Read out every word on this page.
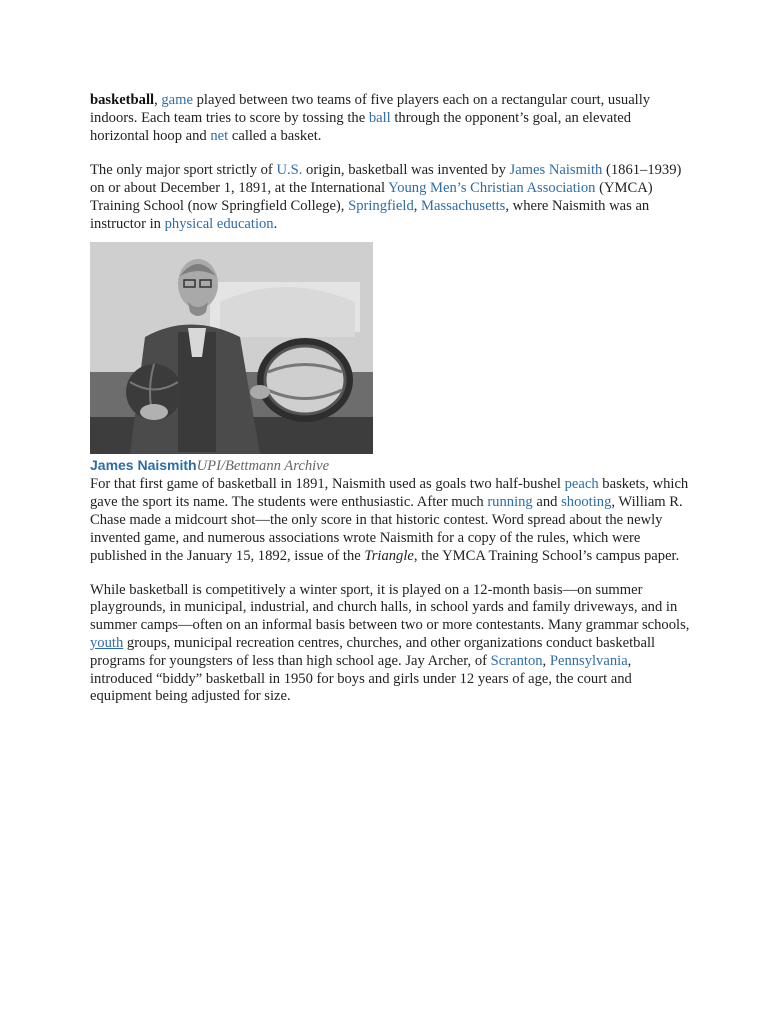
basketball, game played between two teams of five players each on a rectangular court, usually indoors. Each team tries to score by tossing the ball through the opponent’s goal, an elevated horizontal hoop and net called a basket.

The only major sport strictly of U.S. origin, basketball was invented by James Naismith (1861–1939) on or about December 1, 1891, at the International Young Men’s Christian Association (YMCA) Training School (now Springfield College), Springfield, Massachusetts, where Naismith was an instructor in physical education.

James NaismithUPI/Bettmann Archive
For that first game of basketball in 1891, Naismith used as goals two half-bushel peach baskets, which gave the sport its name. The students were enthusiastic. After much running and shooting, William R. Chase made a midcourt shot—the only score in that historic contest. Word spread about the newly invented game, and numerous associations wrote Naismith for a copy of the rules, which were published in the January 15, 1892, issue of the Triangle, the YMCA Training School’s campus paper.

While basketball is competitively a winter sport, it is played on a 12-month basis—on summer playgrounds, in municipal, industrial, and church halls, in school yards and family driveways, and in summer camps—often on an informal basis between two or more contestants. Many grammar schools, youth groups, municipal recreation centres, churches, and other organizations conduct basketball programs for youngsters of less than high school age. Jay Archer, of Scranton, Pennsylvania, introduced “biddy” basketball in 1950 for boys and girls under 12 years of age, the court and equipment being adjusted for size.
